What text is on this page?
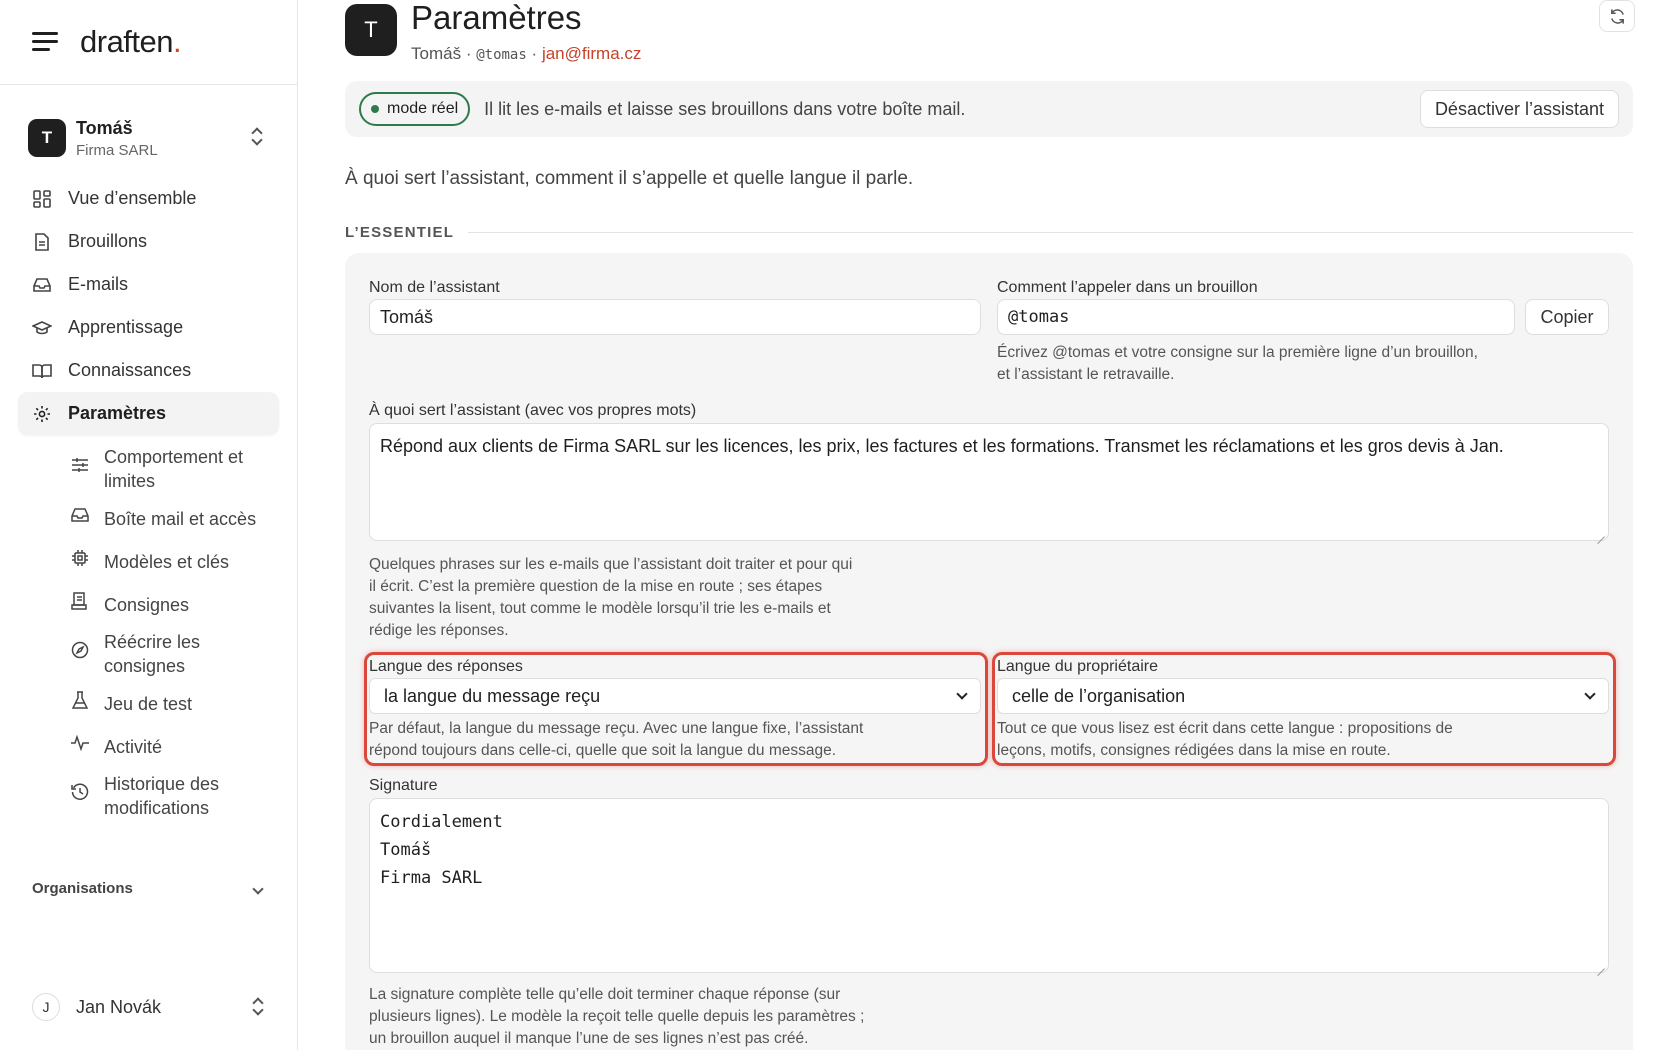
draften.
T	Tomáš
Firma SARL
Vue d’ensemble
Brouillons
E-mails
Apprentissage
Connaissances
Paramètres
Comportement et limites
Boîte mail et accès
Modèles et clés
Consignes
Réécrire les consignes
Jeu de test
Activité
Historique des modifications
Organisations
J	Jan Novák
T	Paramètres
Tomáš · @tomas · jan@firma.cz
mode réel Il lit les e-mails et laisse ses brouillons dans votre boîte mail.	Désactiver l’assistant
À quoi sert l’assistant, comment il s’appelle et quelle langue il parle.
L’ESSENTIEL
Nom de l’assistant
Tomáš
Comment l’appeler dans un brouillon
@tomas	Copier
Écrivez @tomas et votre consigne sur la première ligne d’un brouillon,
et l’assistant le retravaille.
À quoi sert l’assistant (avec vos propres mots)
Répond aux clients de Firma SARL sur les licences, les prix, les factures et les formations. Transmet les réclamations et les gros devis à Jan.
Quelques phrases sur les e-mails que l’assistant doit traiter et pour qui
il écrit. C’est la première question de la mise en route ; ses étapes
suivantes la lisent, tout comme le modèle lorsqu’il trie les e-mails et
rédige les réponses.
Langue des réponses
la langue du message reçu
Par défaut, la langue du message reçu. Avec une langue fixe, l’assistant
répond toujours dans celle-ci, quelle que soit la langue du message.
Langue du propriétaire
celle de l’organisation
Tout ce que vous lisez est écrit dans cette langue : propositions de
leçons, motifs, consignes rédigées dans la mise en route.
Signature
Cordialement
Tomáš
Firma SARL
La signature complète telle qu’elle doit terminer chaque réponse (sur
plusieurs lignes). Le modèle la reçoit telle quelle depuis les paramètres ;
un brouillon auquel il manque l’une de ses lignes n’est pas créé.
